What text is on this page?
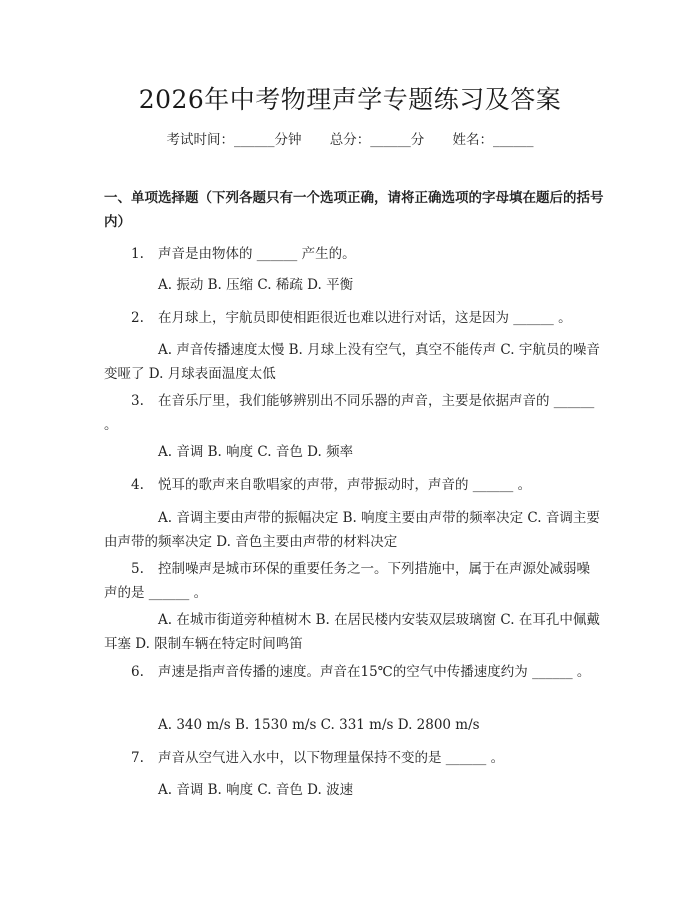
2026年中考物理声学专题练习及答案
考试时间：______分钟 总分：______分 姓名：______
一、单项选择题（下列各题只有一个选项正确，请将正确选项的字母填在题后的括号内）
1. 声音是由物体的 ______ 产生的。
A. 振动 B. 压缩 C. 稀疏 D. 平衡
2. 在月球上，宇航员即使相距很近也难以进行对话，这是因为 ______ 。
A. 声音传播速度太慢 B. 月球上没有空气，真空不能传声 C. 宇航员的噪音变哑了 D. 月球表面温度太低
3. 在音乐厅里，我们能够辨别出不同乐器的声音，主要是依据声音的 ______ 。
A. 音调 B. 响度 C. 音色 D. 频率
4. 悦耳的歌声来自歌唱家的声带，声带振动时，声音的 ______ 。
A. 音调主要由声带的振幅决定 B. 响度主要由声带的频率决定 C. 音调主要由声带的频率决定 D. 音色主要由声带的材料决定
5. 控制噪声是城市环保的重要任务之一。下列措施中，属于在声源处减弱噪声的是 ______ 。
A. 在城市街道旁种植树木 B. 在居民楼内安装双层玻璃窗 C. 在耳孔中佩戴耳塞 D. 限制车辆在特定时间鸣笛
6. 声速是指声音传播的速度。声音在15℃的空气中传播速度约为 ______ 。
A. 340 m/s B. 1530 m/s C. 331 m/s D. 2800 m/s
7. 声音从空气进入水中，以下物理量保持不变的是 ______ 。
A. 音调 B. 响度 C. 音色 D. 波速
